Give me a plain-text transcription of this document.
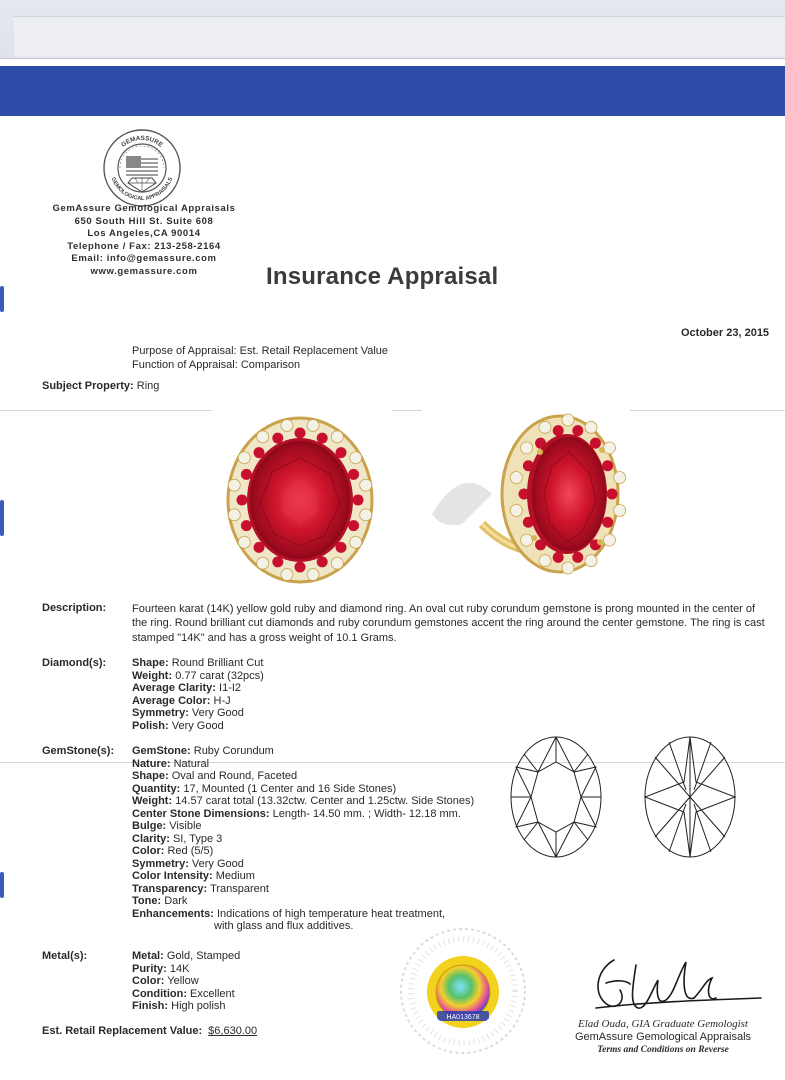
GEMASSURE
GEMOLOGICAL APPRAISALS
GemAssure Gemological Appraisals
650 South Hill St. Suite 608
Los Angeles,CA 90014
Telephone / Fax: 213-258-2164
Email: info@gemassure.com
www.gemassure.com	Insurance Appraisal
October 23, 2015
Purpose of Appraisal: Est. Retail Replacement Value
Function of Appraisal: Comparison
Subject Property: Ring
Description: Fourteen karat (14K) yellow gold ruby and diamond ring. An oval cut ruby corundum gemstone is prong mounted in the center of the ring. Round brilliant cut diamonds and ruby corundum gemstones accent the ring around the center gemstone. The ring is cast stamped "14K" and has a gross weight of 10.1 Grams.
Diamond(s): Shape: Round Brilliant Cut
Weight: 0.77 carat (32pcs)
Average Clarity: I1-I2
Average Color: H-J
Symmetry: Very Good
Polish: Very Good
GemStone(s): GemStone: Ruby Corundum
Nature: Natural
Shape: Oval and Round, Faceted
Quantity: 17, Mounted (1 Center and 16 Side Stones)
Weight: 14.57 carat total (13.32ctw. Center and 1.25ctw. Side Stones)
Center Stone Dimensions: Length- 14.50 mm. ; Width- 12.18 mm.
Bulge: Visible
Clarity: SI, Type 3
Color: Red (5/5)
Symmetry: Very Good
Color Intensity: Medium
Transparency: Transparent
Tone: Dark
Enhancements: Indications of high temperature heat treatment,
with glass and flux additives.
Metal(s):	Metal: Gold, Stamped
Purity: 14K
Color: Yellow
Condition: Excellent
Finish: High polish
HA013678
Est. Retail Replacement Value: $6,630.00
Elad Ouda, GIA Graduate Gemologist
GemAssure Gemological Appraisals
Terms and Conditions on Reverse
